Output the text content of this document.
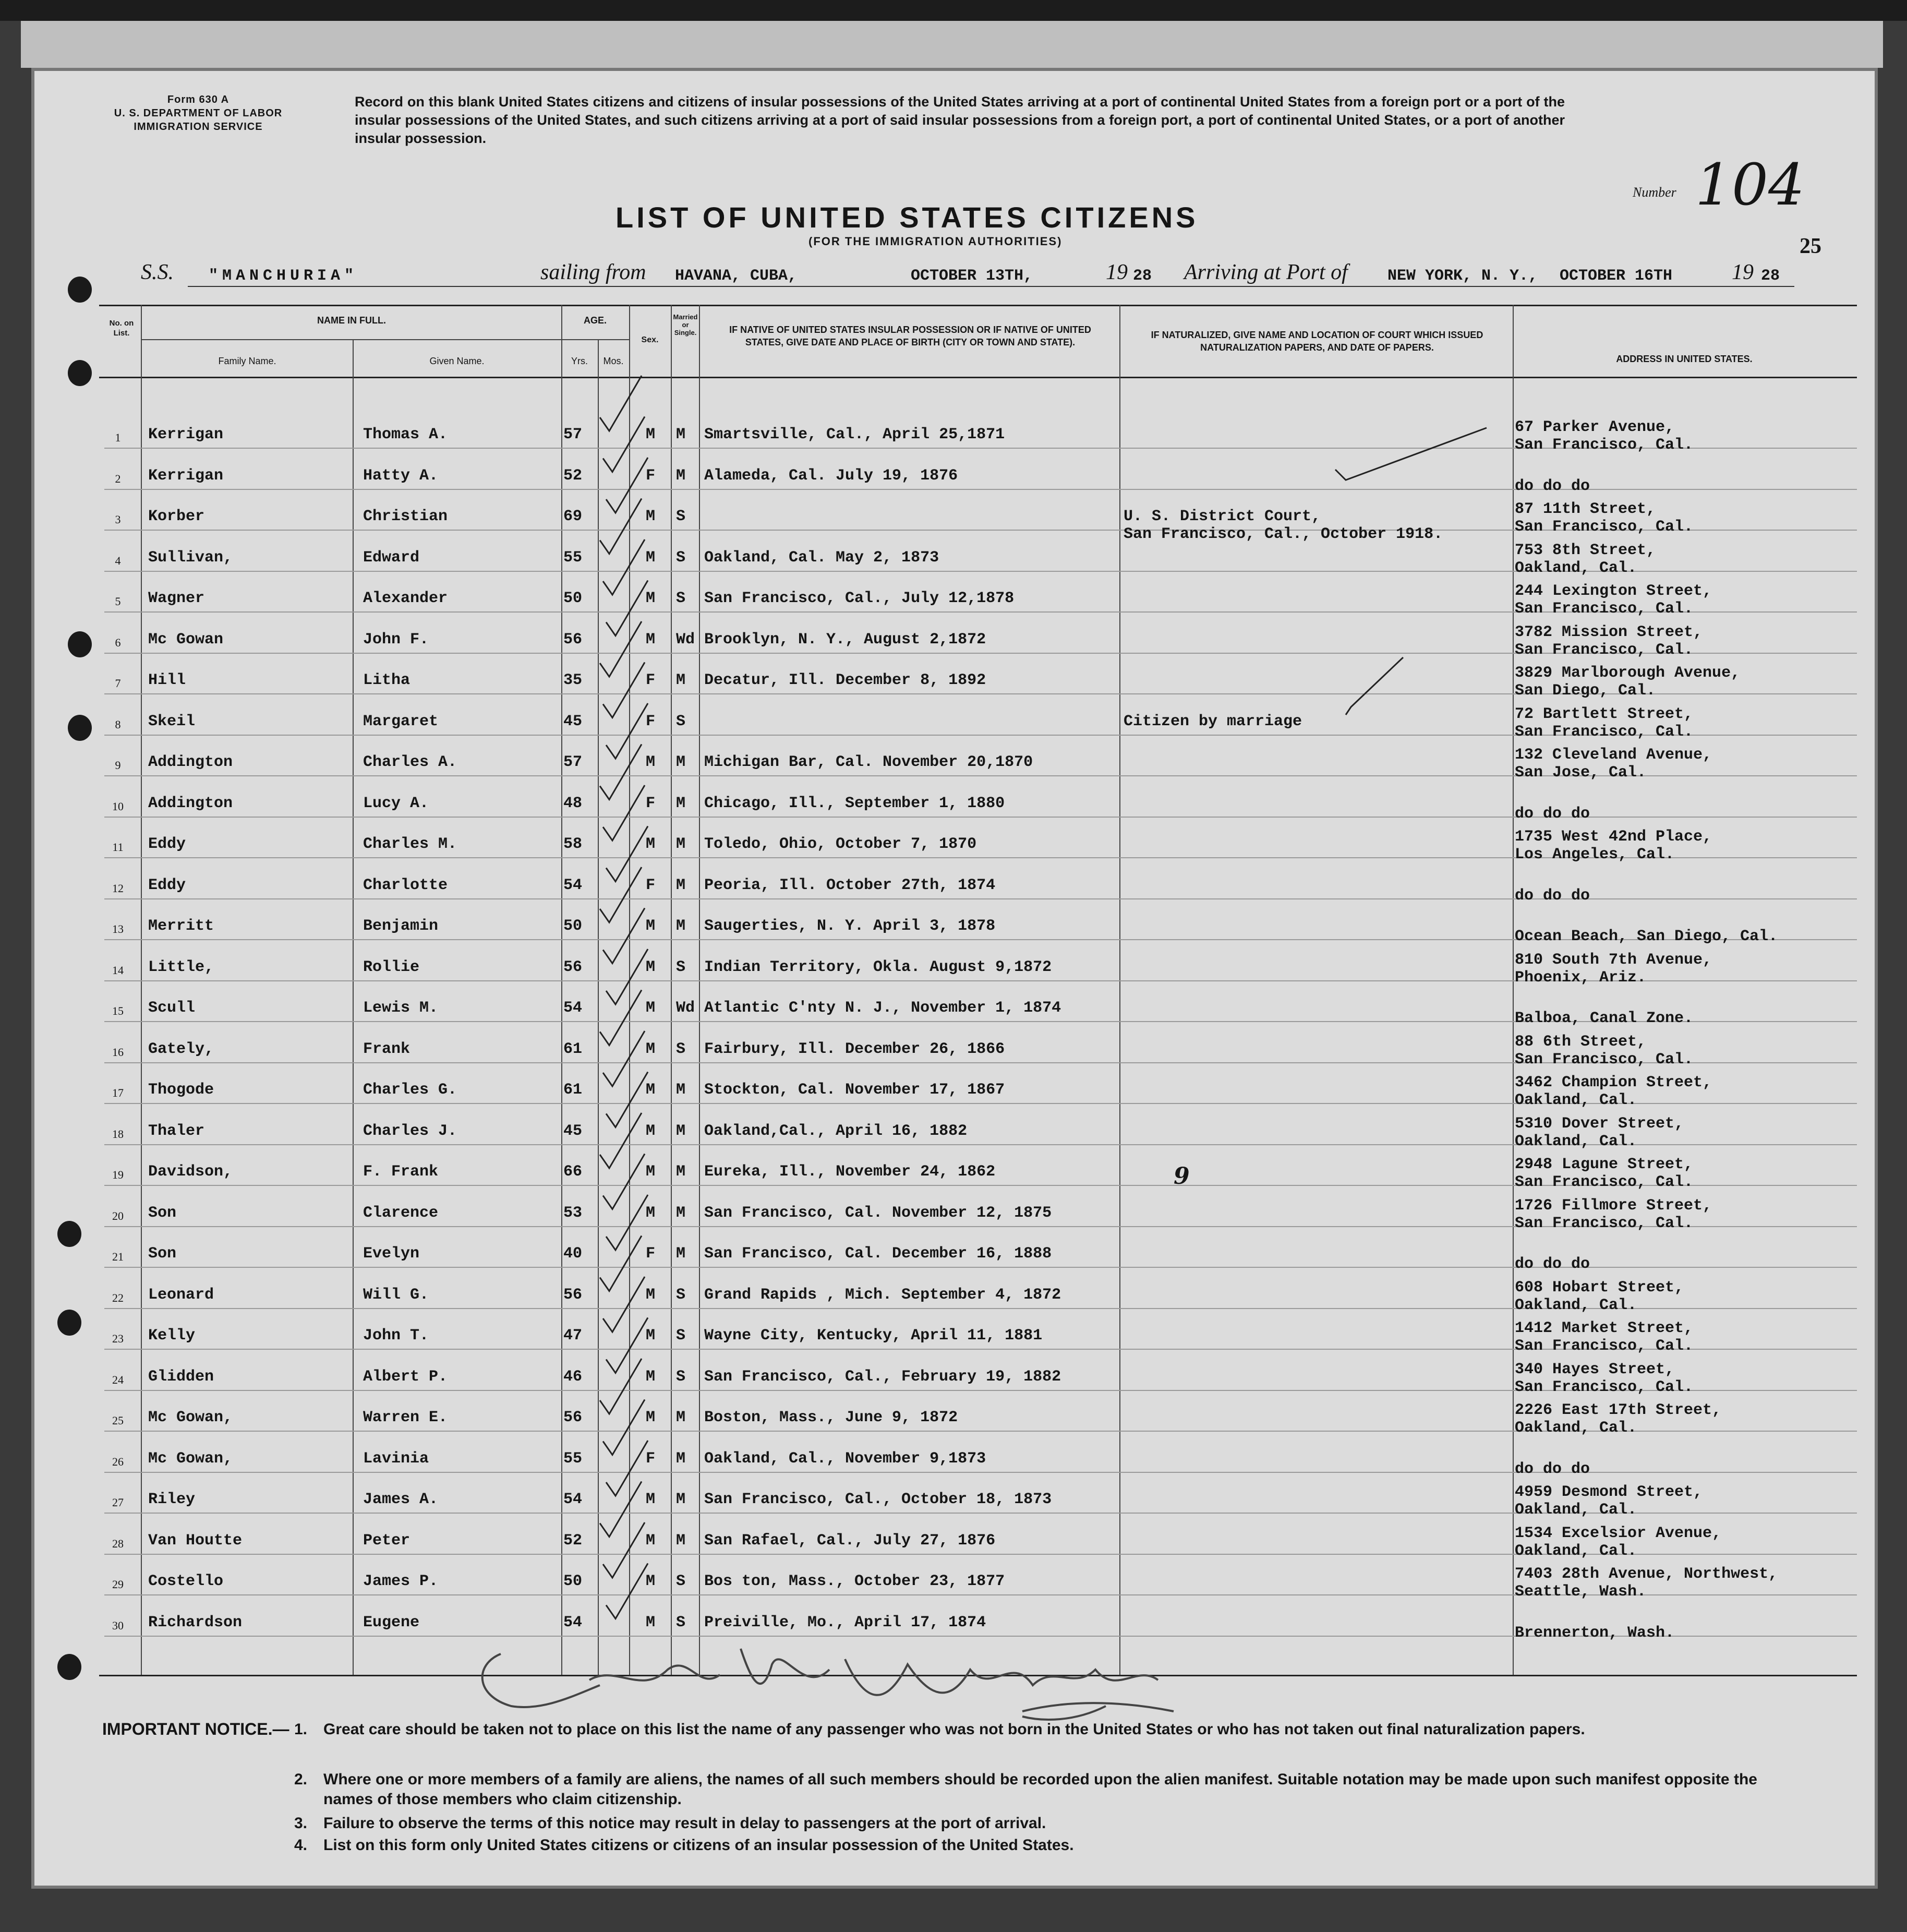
Form 630 A
U. S. DEPARTMENT OF LABOR
IMMIGRATION SERVICE
Record on this blank United States citizens and citizens of insular possessions of the United States arriving at a port of continental United States from a foreign port or a port of the insular possessions of the United States, and such citizens arriving at a port of said insular possessions from a foreign port, a port of continental United States, or a port of another insular possession.
Number 104
25
LIST OF UNITED STATES CITIZENS
(FOR THE IMMIGRATION AUTHORITIES)
S.S. "MANCHURIA"	sailing from HAVANA, CUBA,	OCTOBER 13TH,	19 28 Arriving at Port of	NEW YORK, N. Y., OCTOBER 16TH	19 28
No. on List.
NAME IN FULL.
Family Name.	Given Name.
AGE.
Yrs.	Mos.
Sex.
Married or Single.	IF NATIVE OF UNITED STATES INSULAR POSSESSION OR IF NATIVE OF UNITED STATES, GIVE DATE AND PLACE OF BIRTH (CITY OR TOWN AND STATE).
IF NATURALIZED, GIVE NAME AND LOCATION OF COURT WHICH ISSUED NATURALIZATION PAPERS, AND DATE OF PAPERS.
ADDRESS IN UNITED STATES.
1	Kerrigan	Thomas A.	57	M M Smartsville, Cal., April 25,1871	67 Parker Avenue,
San Francisco, Cal.
2	Kerrigan	Hatty A.	52	F M Alameda, Cal. July 19, 1876
do do do
3	Korber	Christian	69	M S	U. S. District Court,
San Francisco, Cal., October 1918.
87 11th Street,
San Francisco, Cal.
4	Sullivan,	Edward	55	M S Oakland, Cal. May 2, 1873	753 8th Street,
Oakland, Cal.
5	Wagner	Alexander	50	M S San Francisco, Cal., July 12,1878	244 Lexington Street,
San Francisco, Cal.
6	Mc Gowan	John F.	56	M Wd Brooklyn, N. Y., August 2,1872	3782 Mission Street,
San Francisco, Cal.
7	Hill	Litha	35	F M Decatur, Ill. December 8, 1892	3829 Marlborough Avenue,
San Diego, Cal.
8	Skeil	Margaret	45	F S	Citizen by marriage	72 Bartlett Street,
San Francisco, Cal.
9	Addington	Charles A.	57	M M Michigan Bar, Cal. November 20,1870	132 Cleveland Avenue,
San Jose, Cal.
10	Addington	Lucy A.	48	F M Chicago, Ill., September 1, 1880
do do do
11	Eddy	Charles M.	58	M M Toledo, Ohio, October 7, 1870	1735 West 42nd Place,
Los Angeles, Cal.
12	Eddy	Charlotte	54	F M Peoria, Ill. October 27th, 1874
do do do
13	Merritt	Benjamin	50	M M Saugerties, N. Y. April 3, 1878
Ocean Beach, San Diego, Cal.
14	Little,	Rollie	56	M S Indian Territory, Okla. August 9,1872	810 South 7th Avenue,
Phoenix, Ariz.
15	Scull	Lewis M.	54	M Wd Atlantic C'nty N. J., November 1, 1874
Balboa, Canal Zone.
16	Gately,	Frank	61	M S Fairbury, Ill. December 26, 1866	88 6th Street,
San Francisco, Cal.
17	Thogode	Charles G.	61	M M Stockton, Cal. November 17, 1867	3462 Champion Street,
Oakland, Cal.
18	Thaler	Charles J.	45	M M Oakland,Cal., April 16, 1882	5310 Dover Street,
Oakland, Cal.
19	Davidson,	F. Frank	66	M M Eureka, Ill., November 24, 1862	9	2948 Lagune Street,
San Francisco, Cal.
20	Son	Clarence	53	M M San Francisco, Cal. November 12, 1875	1726 Fillmore Street,
San Francisco, Cal.
21	Son	Evelyn	40	F M San Francisco, Cal. December 16, 1888
do do do
22	Leonard	Will G.	56	M S Grand Rapids , Mich. September 4, 1872	608 Hobart Street,
Oakland, Cal.
23	Kelly	John T.	47	M S Wayne City, Kentucky, April 11, 1881	1412 Market Street,
San Francisco, Cal.
24	Glidden	Albert P.	46	M S San Francisco, Cal., February 19, 1882	340 Hayes Street,
San Francisco, Cal.
25	Mc Gowan,	Warren E.	56	M M Boston, Mass., June 9, 1872	2226 East 17th Street,
Oakland, Cal.
26	Mc Gowan,	Lavinia	55	F M Oakland, Cal., November 9,1873
do do do
27	Riley	James A.	54	M M San Francisco, Cal., October 18, 1873	4959 Desmond Street,
Oakland, Cal.
28	Van Houtte	Peter	52	M M San Rafael, Cal., July 27, 1876	1534 Excelsior Avenue,
Oakland, Cal.
29	Costello	James P.	50	M S Bos ton, Mass., October 23, 1877	7403 28th Avenue, Northwest,
Seattle, Wash.
30	Richardson	Eugene	54	M S Preiville, Mo., April 17, 1874
Brennerton, Wash.
IMPORTANT NOTICE.— 1. Great care should be taken not to place on this list the name of any passenger who was not born in the United States or who has not taken out final naturalization papers.
2. Where one or more members of a family are aliens, the names of all such members should be recorded upon the alien manifest. Suitable notation may be made upon such manifest opposite the names of those members who claim citizenship.
3. Failure to observe the terms of this notice may result in delay to passengers at the port of arrival.
4. List on this form only United States citizens or citizens of an insular possession of the United States.
